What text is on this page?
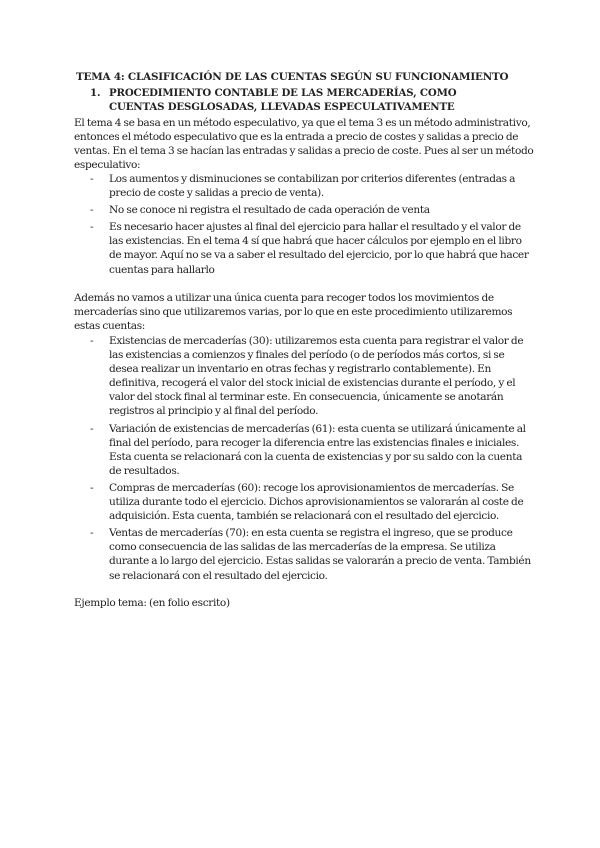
TEMA 4: CLASIFICACIÓN DE LAS CUENTAS SEGÚN SU FUNCIONAMIENTO
1. PROCEDIMIENTO CONTABLE DE LAS MERCADERÍAS, COMO
CUENTAS DESGLOSADAS, LLEVADAS ESPECULATIVAMENTE
El tema 4 se basa en un método especulativo, ya que el tema 3 es un método administrativo, entonces el método especulativo que es la entrada a precio de costes y salidas a precio de ventas. En el tema 3 se hacían las entradas y salidas a precio de coste. Pues al ser un método especulativo:
- Los aumentos y disminuciones se contabilizan por criterios diferentes (entradas a precio de coste y salidas a precio de venta).
- No se conoce ni registra el resultado de cada operación de venta
- Es necesario hacer ajustes al final del ejercicio para hallar el resultado y el valor de las existencias. En el tema 4 sí que habrá que hacer cálculos por ejemplo en el libro de mayor. Aquí no se va a saber el resultado del ejercicio, por lo que habrá que hacer cuentas para hallarlo
Además no vamos a utilizar una única cuenta para recoger todos los movimientos de mercaderías sino que utilizaremos varias, por lo que en este procedimiento utilizaremos estas cuentas:
- Existencias de mercaderías (30): utilizaremos esta cuenta para registrar el valor de las existencias a comienzos y finales del período (o de períodos más cortos, si se desea realizar un inventario en otras fechas y registrarlo contablemente). En definitiva, recogerá el valor del stock inicial de existencias durante el período, y el valor del stock final al terminar este. En consecuencia, únicamente se anotarán registros al principio y al final del período.
- Variación de existencias de mercaderías (61): esta cuenta se utilizará únicamente al final del período, para recoger la diferencia entre las existencias finales e iniciales. Esta cuenta se relacionará con la cuenta de existencias y por su saldo con la cuenta de resultados.
- Compras de mercaderías (60): recoge los aprovisionamientos de mercaderías. Se utiliza durante todo el ejercicio. Dichos aprovisionamientos se valorarán al coste de adquisición. Esta cuenta, también se relacionará con el resultado del ejercicio.
- Ventas de mercaderías (70): en esta cuenta se registra el ingreso, que se produce como consecuencia de las salidas de las mercaderías de la empresa. Se utiliza durante a lo largo del ejercicio. Estas salidas se valorarán a precio de venta. También se relacionará con el resultado del ejercicio.
Ejemplo tema: (en folio escrito)
